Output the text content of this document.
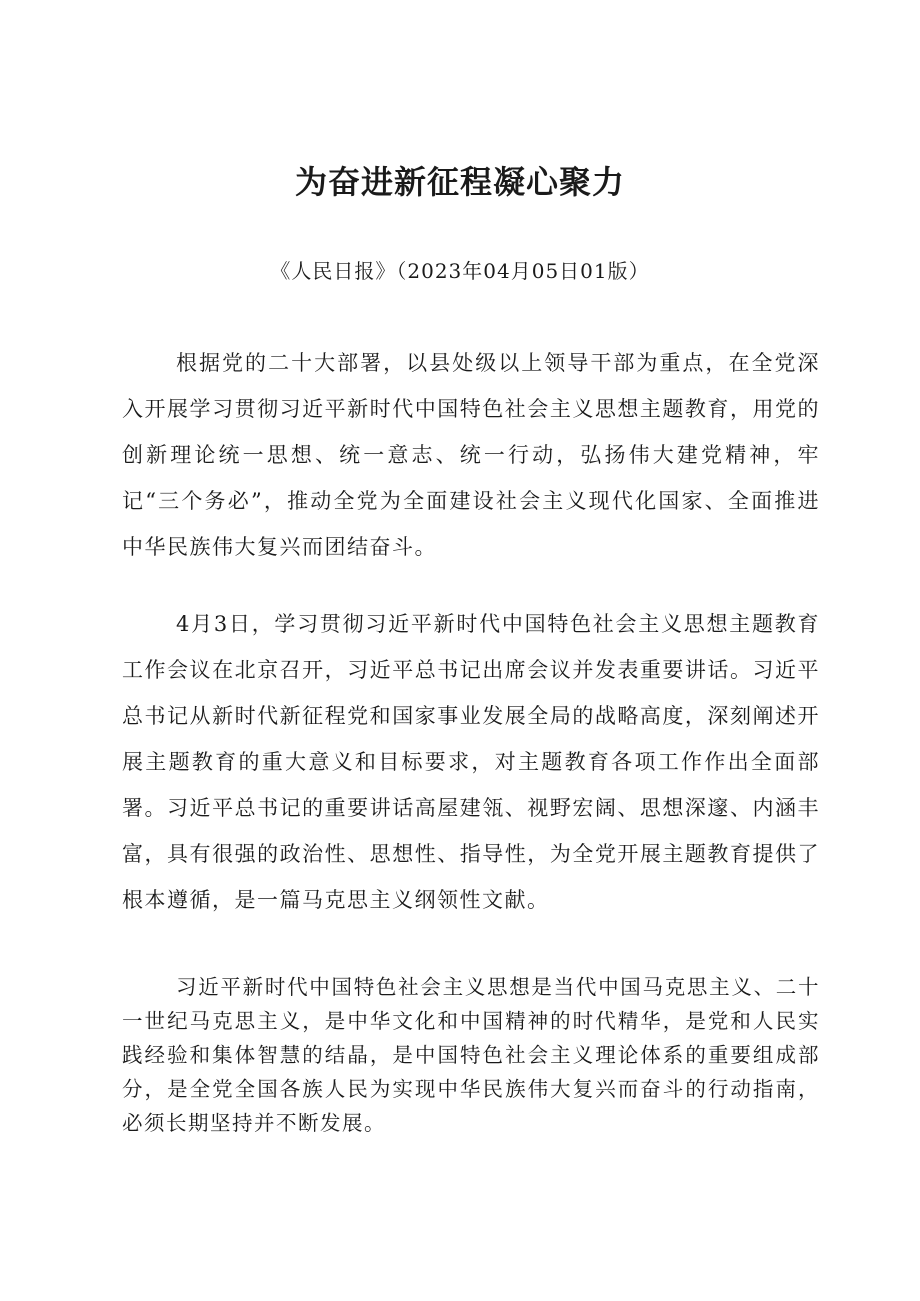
为奋进新征程凝心聚力

《人民日报》（2023年04月05日01版）

根据党的二十大部署，以县处级以上领导干部为重点，在全党深入开展学习贯彻习近平新时代中国特色社会主义思想主题教育，用党的创新理论统一思想、统一意志、统一行动，弘扬伟大建党精神，牢记“三个务必”，推动全党为全面建设社会主义现代化国家、全面推进中华民族伟大复兴而团结奋斗。

4月3日，学习贯彻习近平新时代中国特色社会主义思想主题教育工作会议在北京召开，习近平总书记出席会议并发表重要讲话。习近平总书记从新时代新征程党和国家事业发展全局的战略高度，深刻阐述开展主题教育的重大意义和目标要求，对主题教育各项工作作出全面部署。习近平总书记的重要讲话高屋建瓴、视野宏阔、思想深邃、内涵丰富，具有很强的政治性、思想性、指导性，为全党开展主题教育提供了根本遵循，是一篇马克思主义纲领性文献。

习近平新时代中国特色社会主义思想是当代中国马克思主义、二十一世纪马克思主义，是中华文化和中国精神的时代精华，是党和人民实践经验和集体智慧的结晶，是中国特色社会主义理论体系的重要组成部分，是全党全国各族人民为实现中华民族伟大复兴而奋斗的行动指南，必须长期坚持并不断发展。
